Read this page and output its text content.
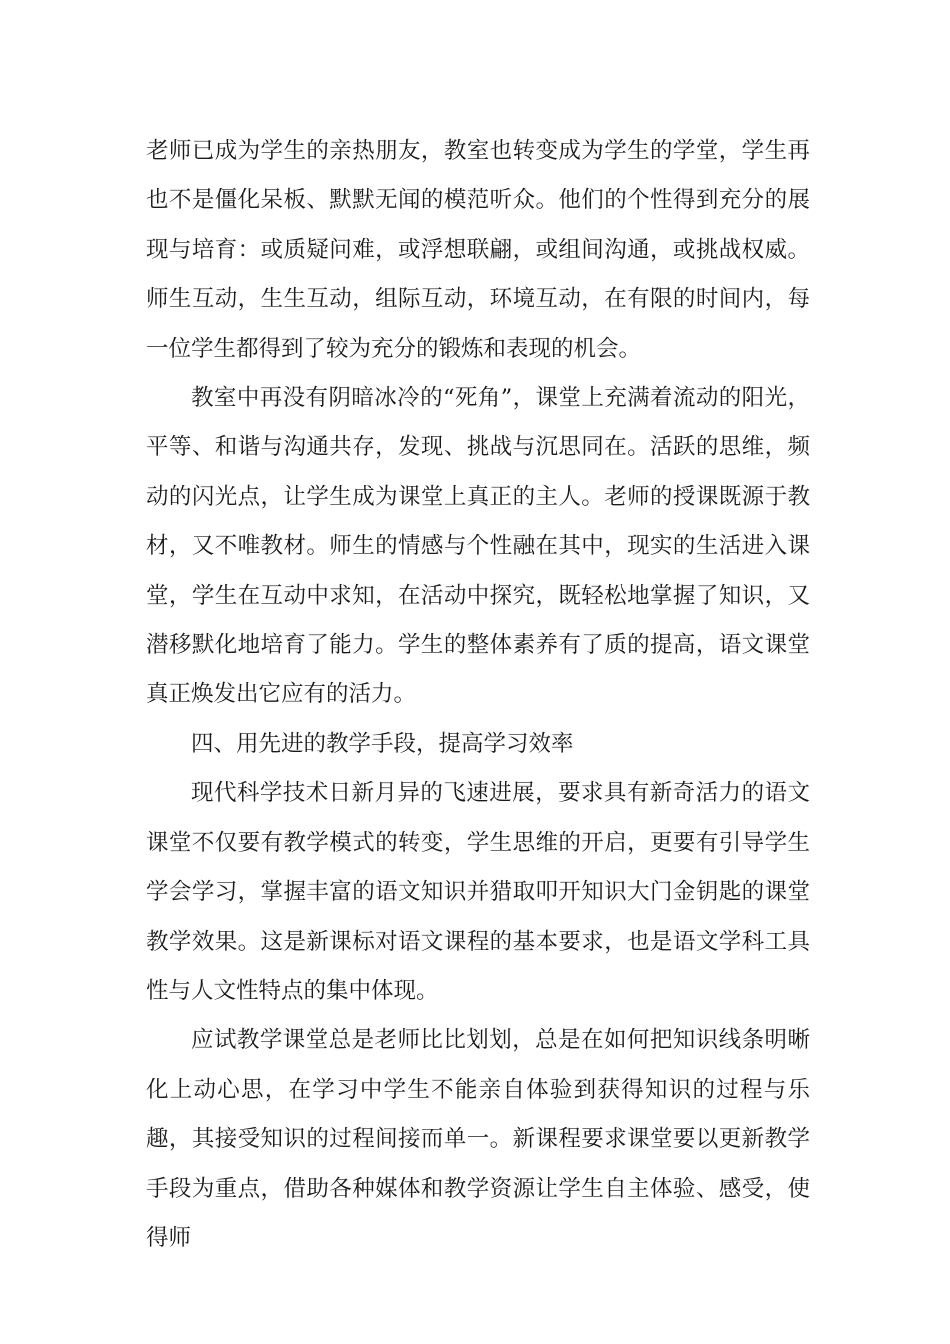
老师已成为学生的亲热朋友，教室也转变成为学生的学堂，学生再也不是僵化呆板、默默无闻的模范听众。他们的个性得到充分的展现与培育：或质疑问难，或浮想联翩，或组间沟通，或挑战权威。师生互动，生生互动，组际互动，环境互动，在有限的时间内，每一位学生都得到了较为充分的锻炼和表现的机会。

教室中再没有阴暗冰冷的“死角”，课堂上充满着流动的阳光，平等、和谐与沟通共存，发现、挑战与沉思同在。活跃的思维，频动的闪光点，让学生成为课堂上真正的主人。老师的授课既源于教材，又不唯教材。师生的情感与个性融在其中，现实的生活进入课堂，学生在互动中求知，在活动中探究，既轻松地掌握了知识，又潜移默化地培育了能力。学生的整体素养有了质的提高，语文课堂真正焕发出它应有的活力。

四、用先进的教学手段，提高学习效率

现代科学技术日新月异的飞速进展，要求具有新奇活力的语文课堂不仅要有教学模式的转变，学生思维的开启，更要有引导学生学会学习，掌握丰富的语文知识并猎取叩开知识大门金钥匙的课堂教学效果。这是新课标对语文课程的基本要求，也是语文学科工具性与人文性特点的集中体现。

应试教学课堂总是老师比比划划，总是在如何把知识线条明晰化上动心思，在学习中学生不能亲自体验到获得知识的过程与乐趣，其接受知识的过程间接而单一。新课程要求课堂要以更新教学手段为重点，借助各种媒体和教学资源让学生自主体验、感受，使得师
